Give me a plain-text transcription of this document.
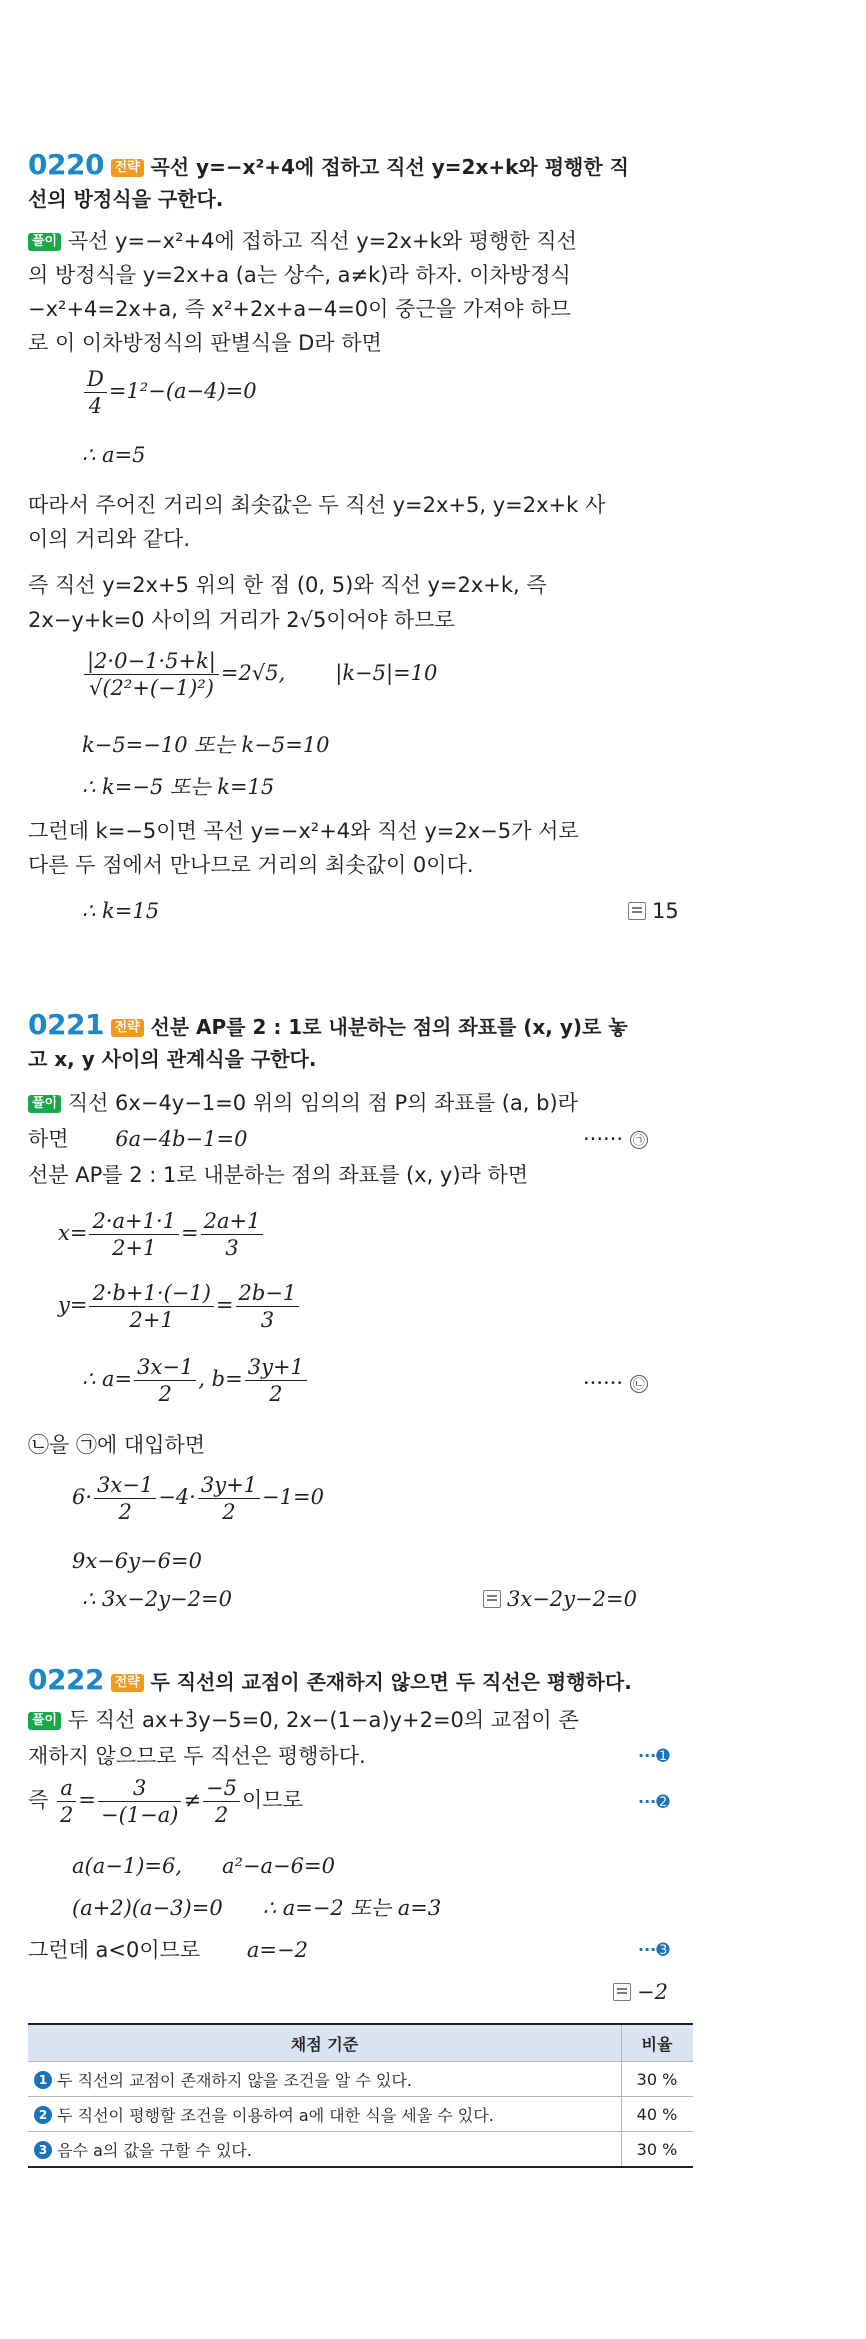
0220 전략 곡선 y=−x²+4에 접하고 직선 y=2x+k와 평행한 직
선의 방정식을 구한다.
풀이 곡선 y=−x²+4에 접하고 직선 y=2x+k와 평행한 직선
의 방정식을 y=2x+a (a는 상수, a≠k)라 하자. 이차방정식
−x²+4=2x+a, 즉 x²+2x+a−4=0이 중근을 가져야 하므
로 이 이차방정식의 판별식을 D라 하면
$\frac{D}{4} =1^2-(a-4)=0$
∴ a=5
따라서 주어진 거리의 최솟값은 두 직선 y=2x+5, y=2x+k 사
이의 거리와 같다.
즉 직선 y=2x+5 위의 한 점 (0, 5)와 직선 y=2x+k, 즉
2x−y+k=0 사이의 거리가 2√5이어야 하므로
$\frac{|2\cdot 0-1\cdot 5+k|}{\text{√(2²+(−1)²)}} =2√5$, |k−5|=10
k−5=−10 또는 k−5=10
∴ k=−5 또는 k=15
그런데 k=−5이면 곡선 y=−x²+4와 직선 y=2x−5가 서로
다른 두 점에서 만나므로 거리의 최솟값이 0이다.
∴ k=15	15
0221 전략 선분 AP를 2 : 1로 내분하는 점의 좌표를 (x, y)로 놓
고 x, y 사이의 관계식을 구한다.
풀이 직선 6x−4y−1=0 위의 임의의 점 P의 좌표를 (a, b)라
하면 6a−4b−1=0	······ ㉠
선분 AP를 2 : 1로 내분하는 점의 좌표를 (x, y)라 하면
$x= \frac{2\cdot a+1\cdot 1}{2+1} = \frac{2a+1}{3}$
$y= \frac{2\cdot b+1\cdot(-1)}{2+1} = \frac{2b-1}{3}$
∴ $a= \frac{3x-1}{2}$ , $b= \frac{3y+1}{2}$	······ ㉡
㉡을 ㉠에 대입하면
$6\cdot \frac{3x-1}{2} -4\cdot \frac{3y+1}{2} -1=0$
9x−6y−6=0
∴ 3x−2y−2=0	3x−2y−2=0
0222 전략 두 직선의 교점이 존재하지 않으면 두 직선은 평행하다.
풀이 두 직선 ax+3y−5=0, 2x−(1−a)y+2=0의 교점이 존
재하지 않으므로 두 직선은 평행하다.	···➊
즉 $\frac{a}{2} = \frac{3}{-(1-a)} \ne \frac{-5}{2}$ 이므로	···➋
a(a−1)=6, a²−a−6=0
(a+2)(a−3)=0 ∴ a=−2 또는 a=3
그런데 a<0이므로 a=−2	···➌
−2
채점 기준	비율
1 두 직선의 교점이 존재하지 않을 조건을 알 수 있다.	30 %
2 두 직선이 평행할 조건을 이용하여 a에 대한 식을 세울 수 있다.	40 %
3 음수 a의 값을 구할 수 있다.	30 %
